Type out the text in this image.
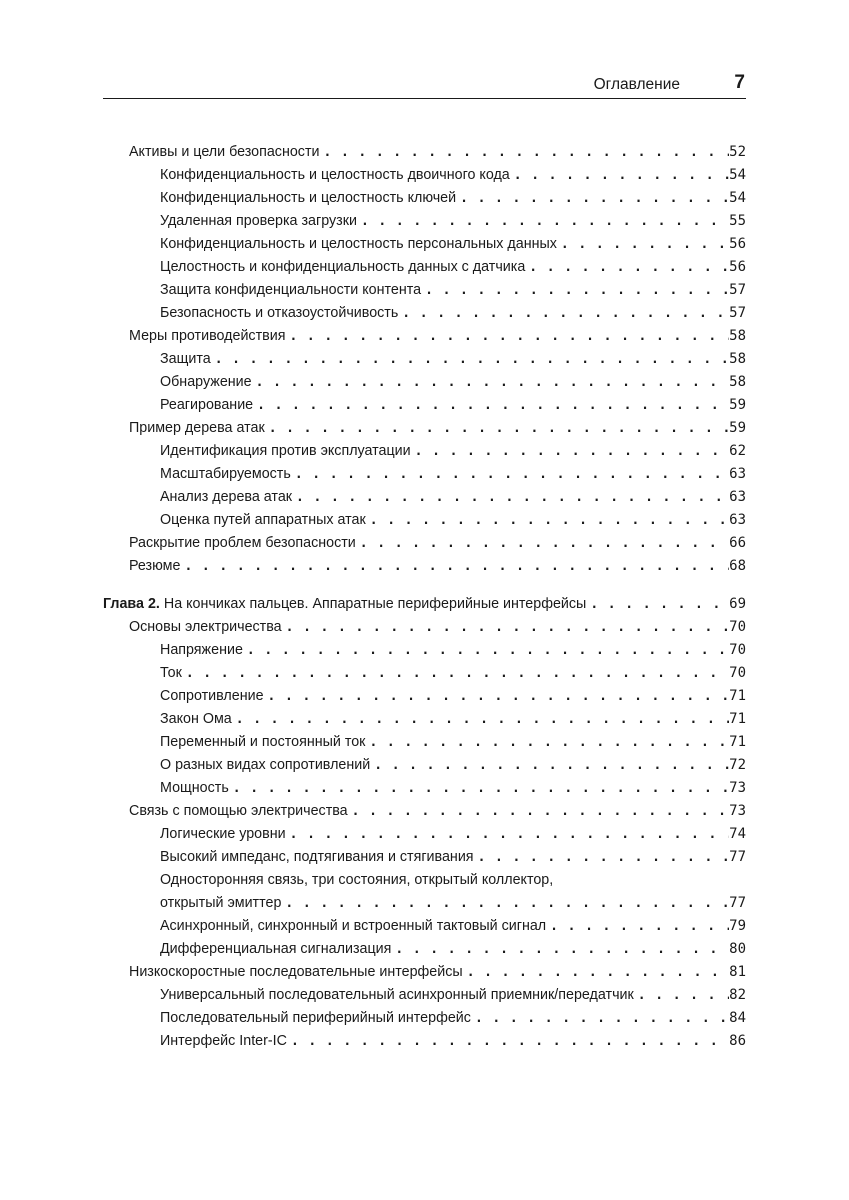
Оглавление	7
Активы и цели безопасности . . .	52
Конфиденциальность и целостность двоичного кода . . .	54
Конфиденциальность и целостность ключей . . .	54
Удаленная проверка загрузки . . .	55
Конфиденциальность и целостность персональных данных . . .	56
Целостность и конфиденциальность данных с датчика . . .	56
Защита конфиденциальности контента . . .	57
Безопасность и отказоустойчивость . . .	57
Меры противодействия . . .	58
Защита . . .	58
Обнаружение . . .	58
Реагирование . . .	59
Пример дерева атак . . .	59
Идентификация против эксплуатации . . .	62
Масштабируемость . . .	63
Анализ дерева атак . . .	63
Оценка путей аппаратных атак . . .	63
Раскрытие проблем безопасности . . .	66
Резюме . . .	68
Глава 2. На кончиках пальцев. Аппаратные периферийные интерфейсы . . .	69
Основы электричества . . .	70
Напряжение . . .	70
Ток . . .	70
Сопротивление . . .	71
Закон Ома . . .	71
Переменный и постоянный ток . . .	71
О разных видах сопротивлений . . .	72
Мощность . . .	73
Связь с помощью электричества . . .	73
Логические уровни . . .	74
Высокий импеданс, подтягивания и стягивания . . .	77
Односторонняя связь, три состояния, открытый коллектор,
открытый эмиттер . . .	77
Асинхронный, синхронный и встроенный тактовый сигнал . . .	79
Дифференциальная сигнализация . . .	80
Низкоскоростные последовательные интерфейсы . . .	81
Универсальный последовательный асинхронный приемник/передатчик . . .	82
Последовательный периферийный интерфейс . . .	84
Интерфейс Inter-IC . . .	86
